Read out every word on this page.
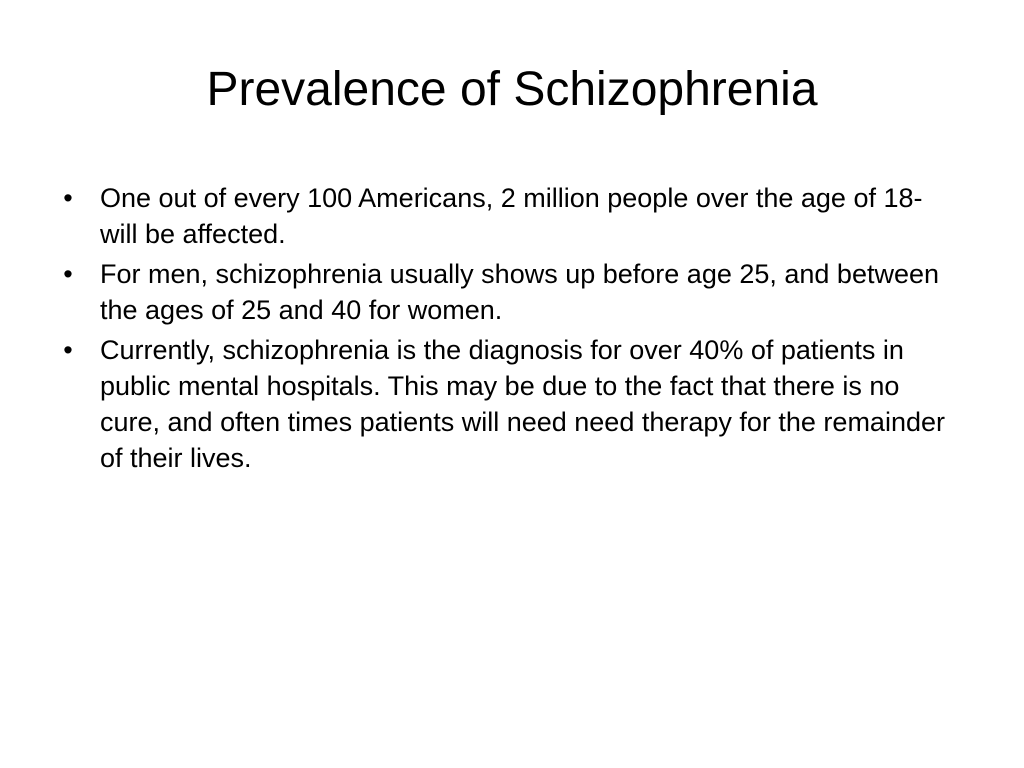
Prevalence of Schizophrenia
• One out of every 100 Americans, 2 million people over the age of 18-will be affected.
• For men, schizophrenia usually shows up before age 25, and between the ages of 25 and 40 for women.
• Currently, schizophrenia is the diagnosis for over 40% of patients in public mental hospitals. This may be due to the fact that there is no cure, and often times patients will need need therapy for the remainder of their lives.
